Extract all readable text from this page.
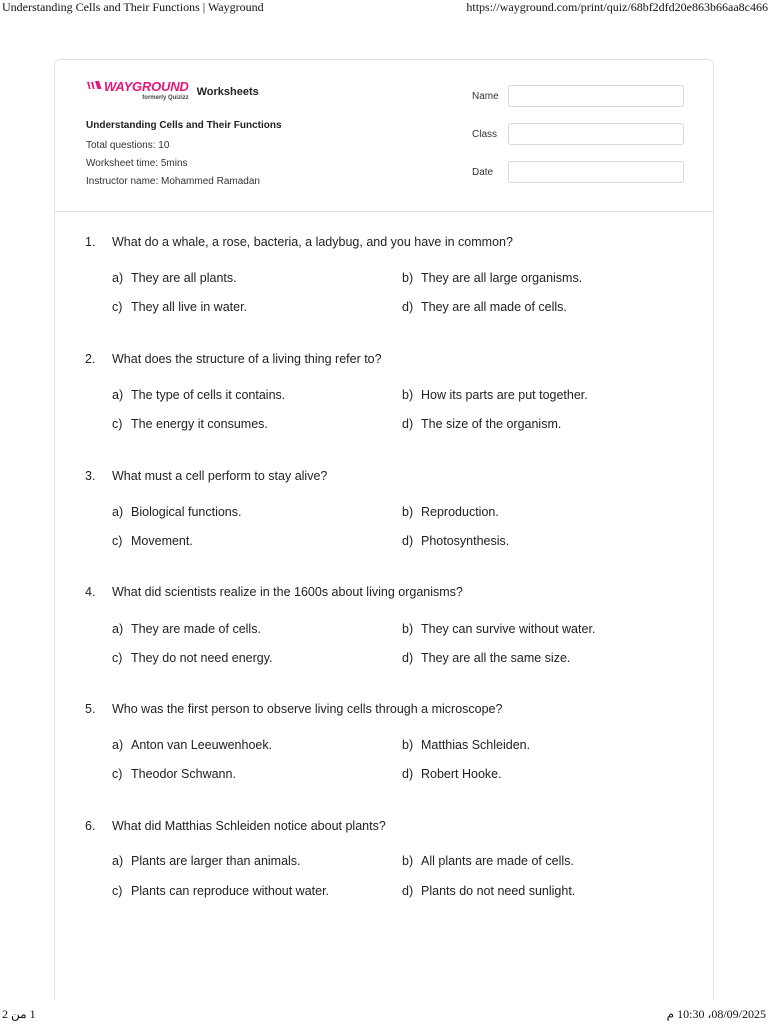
Understanding Cells and Their Functions | Wayground	https://wayground.com/print/quiz/68bf2dfd20e863b66aa8c466
WAYGROUND
formerly Quizizz Worksheets
Understanding Cells and Their Functions
Total questions: 10
Worksheet time: 5mins
Instructor name: Mohammed Ramadan
Name
Class
Date
1. What do a whale, a rose, bacteria, a ladybug, and you have in common?
a) They are all plants.	b) They are all large organisms.
c) They all live in water.	d) They are all made of cells.
2. What does the structure of a living thing refer to?
a) The type of cells it contains.	b) How its parts are put together.
c) The energy it consumes.	d) The size of the organism.
3. What must a cell perform to stay alive?
a) Biological functions.	b) Reproduction.
c) Movement.	d) Photosynthesis.
4. What did scientists realize in the 1600s about living organisms?
a) They are made of cells.	b) They can survive without water.
c) They do not need energy.	d) They are all the same size.
5. Who was the first person to observe living cells through a microscope?
a) Anton van Leeuwenhoek.	b) Matthias Schleiden.
c) Theodor Schwann.	d) Robert Hooke.
6. What did Matthias Schleiden notice about plants?
a) Plants are larger than animals.	b) All plants are made of cells.
c) Plants can reproduce without water.	d) Plants do not need sunlight.
1 من 2	08/09/2025، 10:30 م
